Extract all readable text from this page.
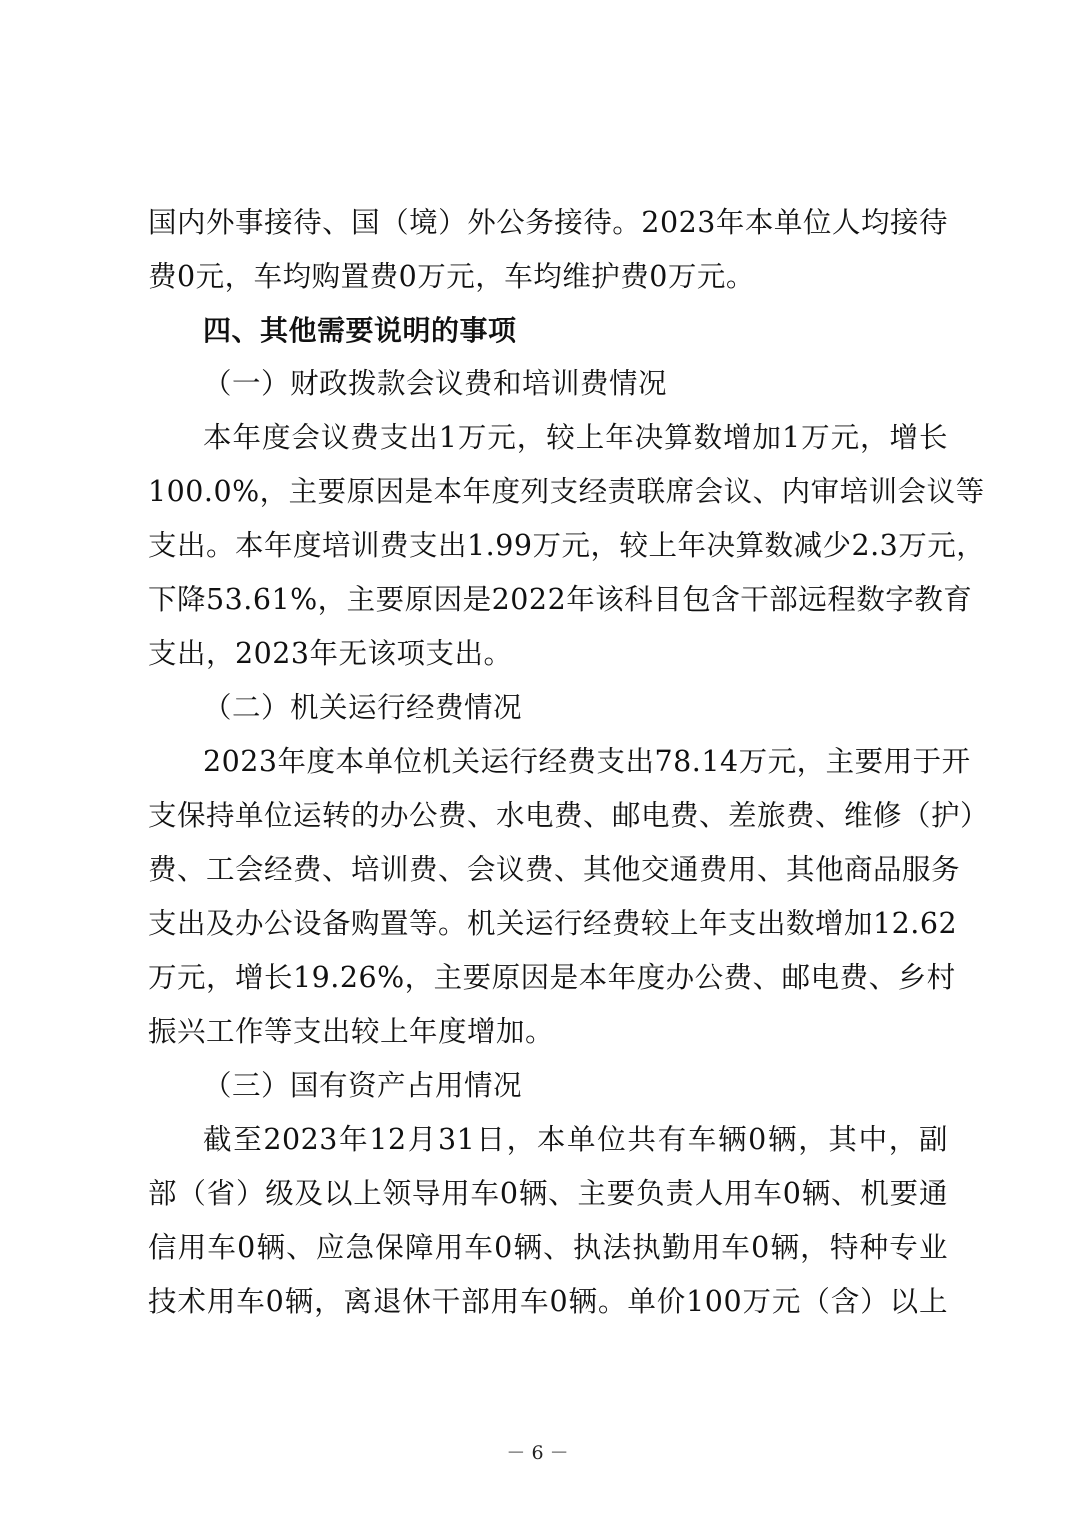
国内外事接待、国（境）外公务接待。2023年本单位人均接待
费0元，车均购置费0万元，车均维护费0万元。
四、其他需要说明的事项
（一）财政拨款会议费和培训费情况
本年度会议费支出1万元，较上年决算数增加1万元，增长
100.0%，主要原因是本年度列支经责联席会议、内审培训会议等
支出。本年度培训费支出1.99万元，较上年决算数减少2.3万元，
下降53.61%，主要原因是2022年该科目包含干部远程数字教育
支出，2023年无该项支出。
（二）机关运行经费情况
2023年度本单位机关运行经费支出78.14万元，主要用于开
支保持单位运转的办公费、水电费、邮电费、差旅费、维修（护）
费、工会经费、培训费、会议费、其他交通费用、其他商品服务
支出及办公设备购置等。机关运行经费较上年支出数增加12.62
万元，增长19.26%，主要原因是本年度办公费、邮电费、乡村
振兴工作等支出较上年度增加。
（三）国有资产占用情况
截至2023年12月31日，本单位共有车辆0辆，其中，副
部（省）级及以上领导用车0辆、主要负责人用车0辆、机要通
信用车0辆、应急保障用车0辆、执法执勤用车0辆，特种专业
技术用车0辆，离退休干部用车0辆。单价100万元（含）以上
－ 6 －
